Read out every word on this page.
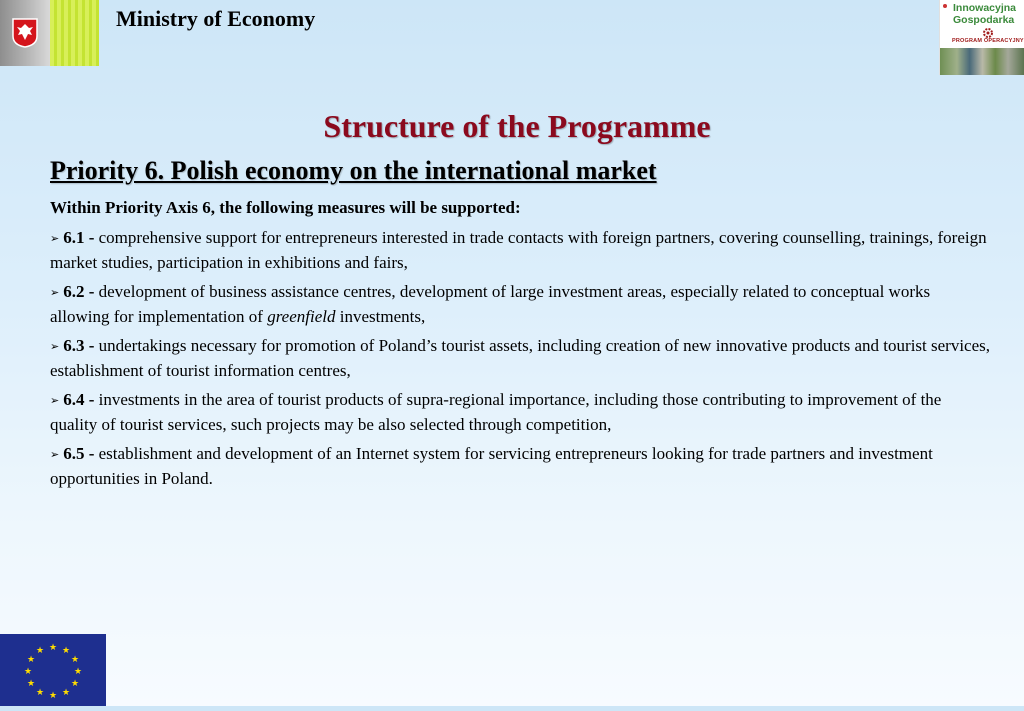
Ministry of Economy	Innowacyjna
Gospodarka
PROGRAM OPERACYJNY
Structure of the Programme
Priority 6. Polish economy on the international market
Within Priority Axis 6, the following measures will be supported:
➢ 6.1 - comprehensive support for entrepreneurs interested in trade contacts with foreign partners, covering counselling, trainings, foreign market studies, participation in exhibitions and fairs,
➢ 6.2 - development of business assistance centres, development of large investment areas, especially related to conceptual works allowing for implementation of greenfield investments,
➢ 6.3 - undertakings necessary for promotion of Poland’s tourist assets, including creation of new innovative products and tourist services, establishment of tourist information centres,
➢ 6.4 - investments in the area of tourist products of supra-regional importance, including those contributing to improvement of the quality of tourist services, such projects may be also selected through competition,
➢ 6.5 - establishment and development of an Internet system for servicing entrepreneurs looking for trade partners and investment opportunities in Poland.
★ ★
★
★
★
★
★
★
★
★
★
★
